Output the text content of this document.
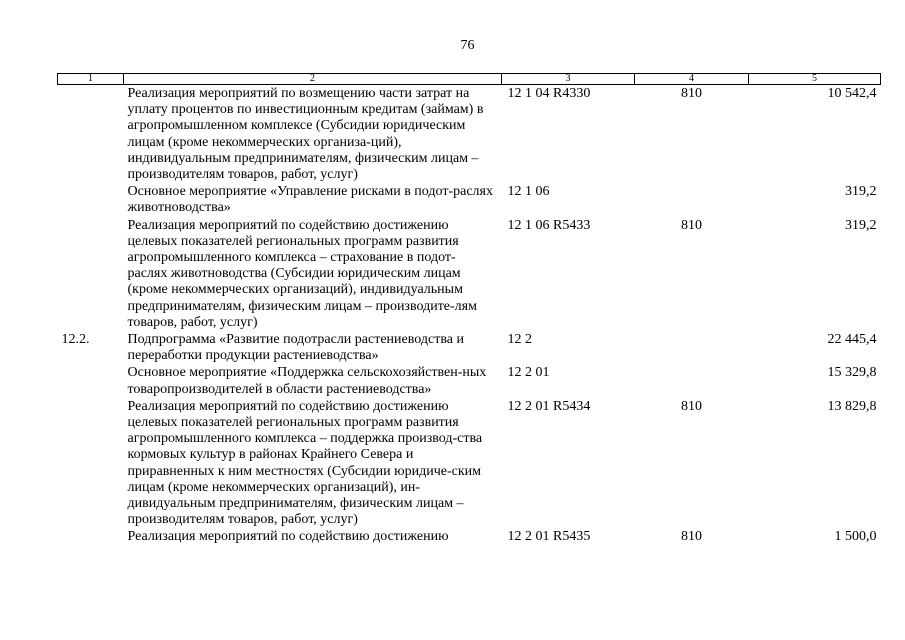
76
1	2	3	4	5
	Реализация мероприятий по возмещению части затрат на уплату процентов по инвестиционным кредитам (займам) в агропромышленном комплексе (Субсидии юридическим лицам (кроме некоммерческих организа-ций), индивидуальным предпринимателям, физическим лицам – производителям товаров, работ, услуг)	12 1 04 R4330	810	10 542,4
	Основное мероприятие «Управление рисками в подот-раслях животноводства»	12 1 06		319,2
	Реализация мероприятий по содействию достижению целевых показателей региональных программ развития агропромышленного комплекса – страхование в подот-раслях животноводства (Субсидии юридическим лицам (кроме некоммерческих организаций), индивидуальным предпринимателям, физическим лицам – производите-лям товаров, работ, услуг)	12 1 06 R5433	810	319,2
12.2.	Подпрограмма «Развитие подотрасли растениеводства и переработки продукции растениеводства»	12 2		22 445,4
	Основное мероприятие «Поддержка сельскохозяйствен-ных товаропроизводителей в области растениеводства»	12 2 01		15 329,8
	Реализация мероприятий по содействию достижению целевых показателей региональных программ развития агропромышленного комплекса – поддержка производ-ства кормовых культур в районах Крайнего Севера и приравненных к ним местностях (Субсидии юридиче-ским лицам (кроме некоммерческих организаций), ин-дивидуальным предпринимателям, физическим лицам – производителям товаров, работ, услуг)	12 2 01 R5434	810	13 829,8
	Реализация мероприятий по содействию достижению	12 2 01 R5435	810	1 500,0
